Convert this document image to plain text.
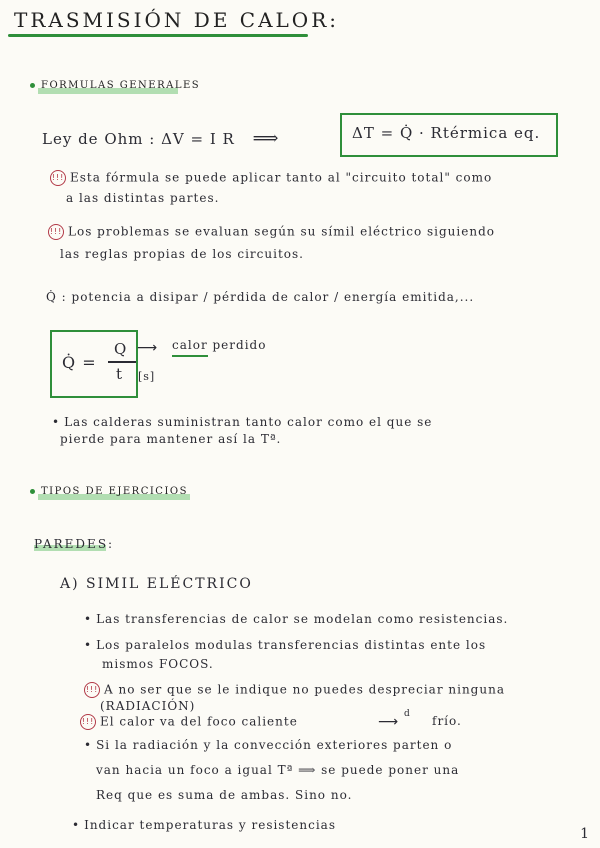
TRASMISIÓN DE CALOR:
FORMULAS GENERALES
Ley de Ohm : ΔV = I R ⟹	ΔT = Q̇ · Rtérmica eq.
!!! Esta fórmula se puede aplicar tanto al "circuito total" como
a las distintas partes.
!!! Los problemas se evaluan según su símil eléctrico siguiendo
las reglas propias de los circuitos.
Q̇ : potencia a disipar / pérdida de calor / energía emitida,...
Q̇ =
Q
t [s]
⟶ calor perdido
• Las calderas suministran tanto calor como el que se
pierde para mantener así la Tª.
TIPOS DE EJERCICIOS
PAREDES:
A) SIMIL ELÉCTRICO
• Las transferencias de calor se modelan como resistencias.
• Los paralelos modulas transferencias distintas ente los
mismos FOCOS.
!!! A no ser que se le indique no puedes despreciar ninguna
(RADIACIÓN)
!!! El calor va del foco caliente
d
⟶	frío.
• Si la radiación y la convección exteriores parten o
van hacia un foco a igual Tª ⟹ se puede poner una
Req que es suma de ambas. Sino no.
• Indicar temperaturas y resistencias
1
